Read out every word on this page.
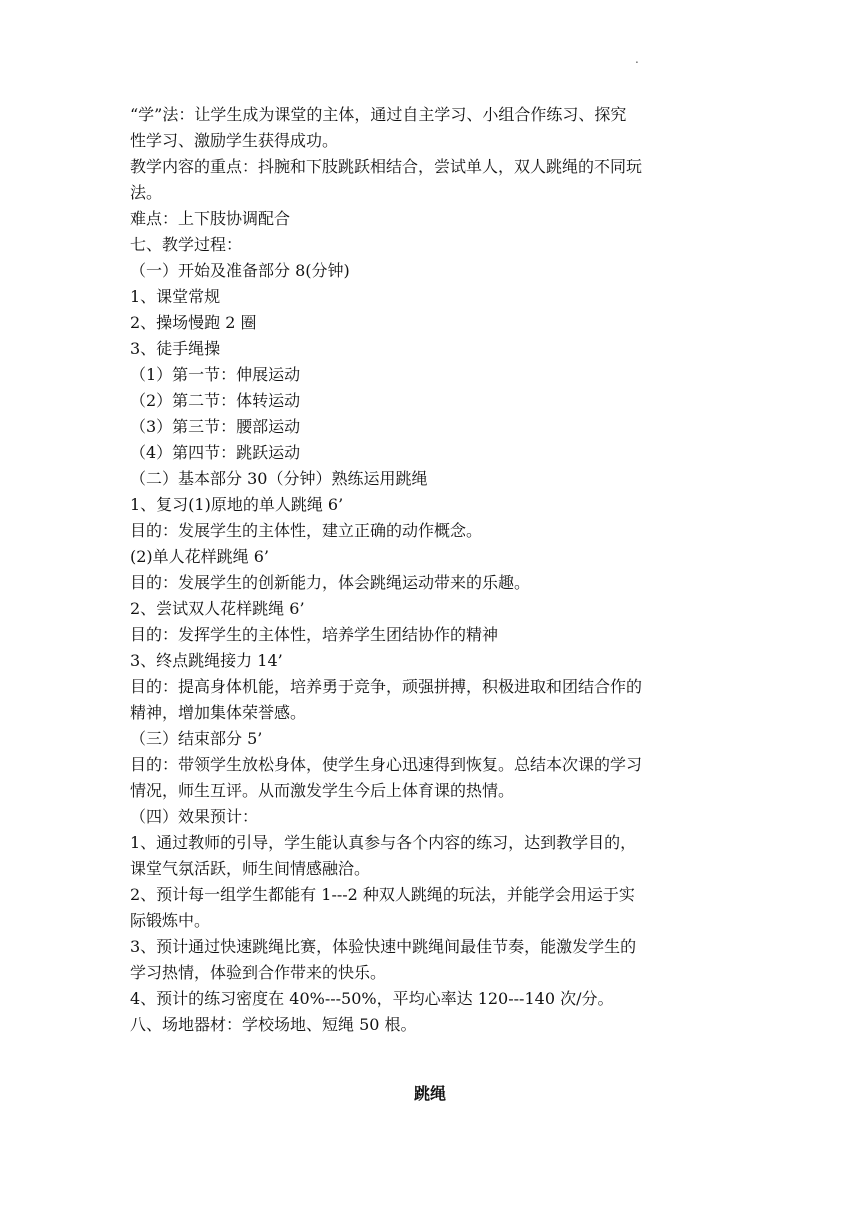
.
“学”法：让学生成为课堂的主体，通过自主学习、小组合作练习、探究
性学习、激励学生获得成功。
教学内容的重点：抖腕和下肢跳跃相结合，尝试单人，双人跳绳的不同玩
法。
难点：上下肢协调配合
七、教学过程：
（一）开始及准备部分 8(分钟)
1、课堂常规
2、操场慢跑 2 圈
3、徒手绳操
（1）第一节：伸展运动
（2）第二节：体转运动
（3）第三节：腰部运动
（4）第四节：跳跃运动
（二）基本部分 30（分钟）熟练运用跳绳
1、复习(1)原地的单人跳绳 6’
目的：发展学生的主体性，建立正确的动作概念。
(2)单人花样跳绳 6’
目的：发展学生的创新能力，体会跳绳运动带来的乐趣。
2、尝试双人花样跳绳 6’
目的：发挥学生的主体性，培养学生团结协作的精神
3、终点跳绳接力 14’
目的：提高身体机能，培养勇于竞争，顽强拼搏，积极进取和团结合作的
精神，增加集体荣誉感。
（三）结束部分 5’
目的：带领学生放松身体，使学生身心迅速得到恢复。总结本次课的学习
情况，师生互评。从而激发学生今后上体育课的热情。
（四）效果预计：
1、通过教师的引导，学生能认真参与各个内容的练习，达到教学目的，
课堂气氛活跃，师生间情感融洽。
2、预计每一组学生都能有 1---2 种双人跳绳的玩法，并能学会用运于实
际锻炼中。
3、预计通过快速跳绳比赛，体验快速中跳绳间最佳节奏，能激发学生的
学习热情，体验到合作带来的快乐。
4、预计的练习密度在 40%---50%，平均心率达 120---140 次/分。
八、场地器材：学校场地、短绳 50 根。
跳绳
